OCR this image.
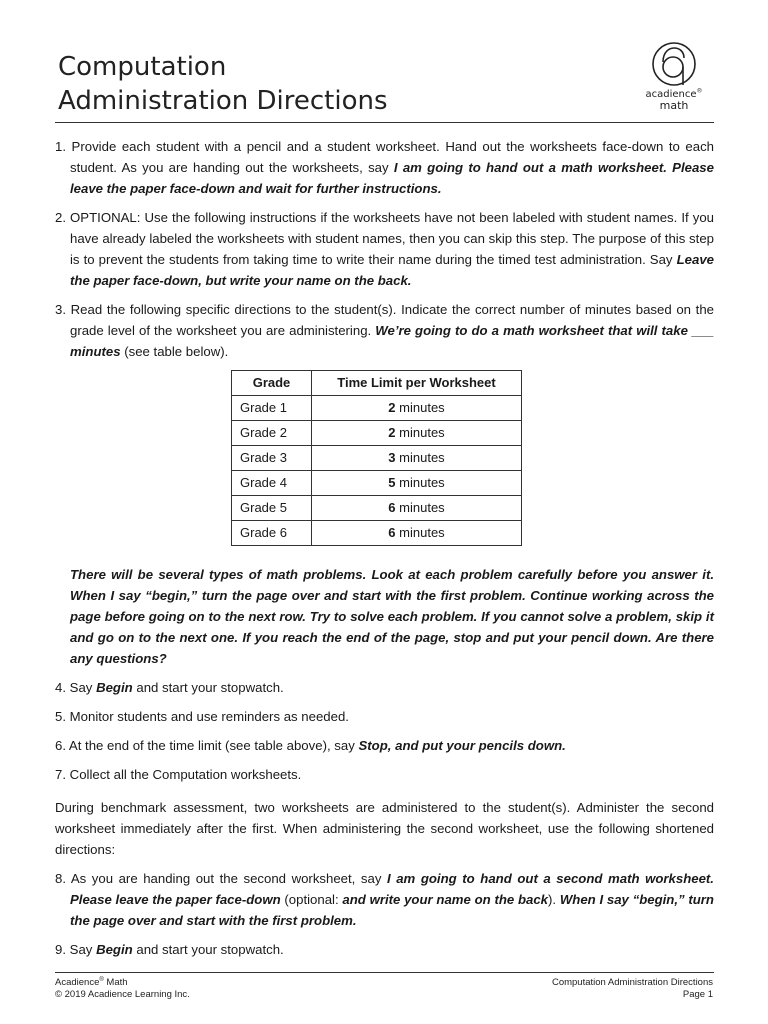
Computation
Administration Directions	acadience®
math

1. Provide each student with a pencil and a student worksheet. Hand out the worksheets face-down to each student. As you are handing out the worksheets, say I am going to hand out a math worksheet. Please leave the paper face-down and wait for further instructions.

2. OPTIONAL: Use the following instructions if the worksheets have not been labeled with student names. If you have already labeled the worksheets with student names, then you can skip this step. The purpose of this step is to prevent the students from taking time to write their name during the timed test administration. Say Leave the paper face-down, but write your name on the back.

3. Read the following specific directions to the student(s). Indicate the correct number of minutes based on the grade level of the worksheet you are administering. We’re going to do a math worksheet that will take ___ minutes (see table below).

Grade	Time Limit per Worksheet
Grade 1	2 minutes
Grade 2	2 minutes
Grade 3	3 minutes
Grade 4	5 minutes
Grade 5	6 minutes
Grade 6	6 minutes

There will be several types of math problems. Look at each problem carefully before you answer it. When I say “begin,” turn the page over and start with the first problem. Continue working across the page before going on to the next row. Try to solve each problem. If you cannot solve a problem, skip it and go on to the next one. If you reach the end of the page, stop and put your pencil down. Are there any questions?

4. Say Begin and start your stopwatch.

5. Monitor students and use reminders as needed.

6. At the end of the time limit (see table above), say Stop, and put your pencils down.

7. Collect all the Computation worksheets.

During benchmark assessment, two worksheets are administered to the student(s). Administer the second worksheet immediately after the first. When administering the second worksheet, use the following shortened directions:

8. As you are handing out the second worksheet, say I am going to hand out a second math worksheet. Please leave the paper face-down (optional: and write your name on the back). When I say “begin,” turn the page over and start with the first problem.

9. Say Begin and start your stopwatch.

Acadience® Math
© 2019 Acadience Learning Inc.
Computation Administration Directions
Page 1
